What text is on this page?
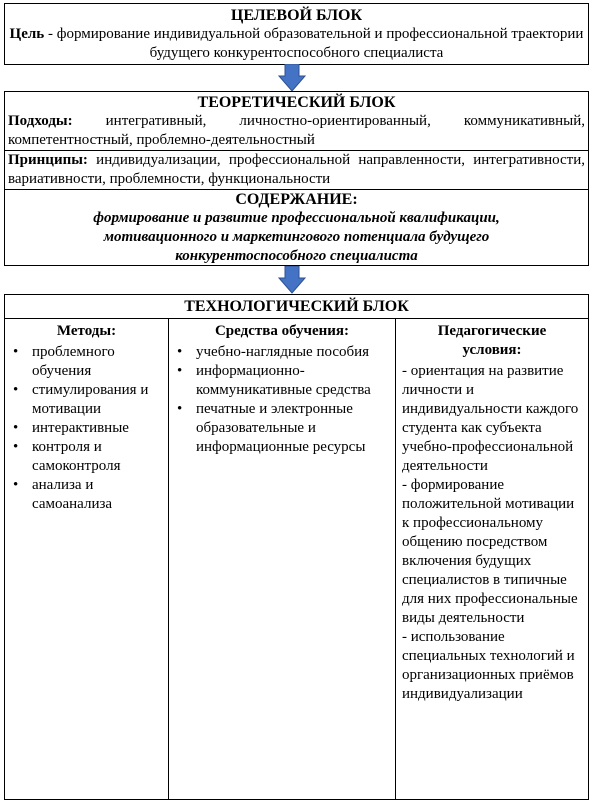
ЦЕЛЕВОЙ БЛОК
Цель - формирование индивидуальной образовательной и профессиональной траектории будущего конкурентоспособного специалиста
ТЕОРЕТИЧЕСКИЙ БЛОК
Подходы: интегративный, личностно-ориентированный, коммуникативный, компетентностный, проблемно-деятельностный
Принципы: индивидуализации, профессиональной направленности, интегративности, вариативности, проблемности, функциональности
СОДЕРЖАНИЕ:
формирование и развитие профессиональной квалификации, мотивационного и маркетингового потенциала будущего конкурентоспособного специалиста
ТЕХНОЛОГИЧЕСКИЙ БЛОК
Методы:
• проблемного обучения
• стимулирования и мотивации
• интерактивные
• контроля и самоконтроля
• анализа и самоанализа
Средства обучения:
• учебно-наглядные пособия
• информационно-коммуникативные средства
• печатные и электронные образовательные и информационные ресурсы
Педагогические условия:
- ориентация на развитие личности и индивидуальности каждого студента как субъекта учебно-профессиональной деятельности
- формирование положительной мотивации к профессиональному общению посредством включения будущих специалистов в типичные для них профессиональные виды деятельности
- использование специальных технологий и организационных приёмов индивидуализации
